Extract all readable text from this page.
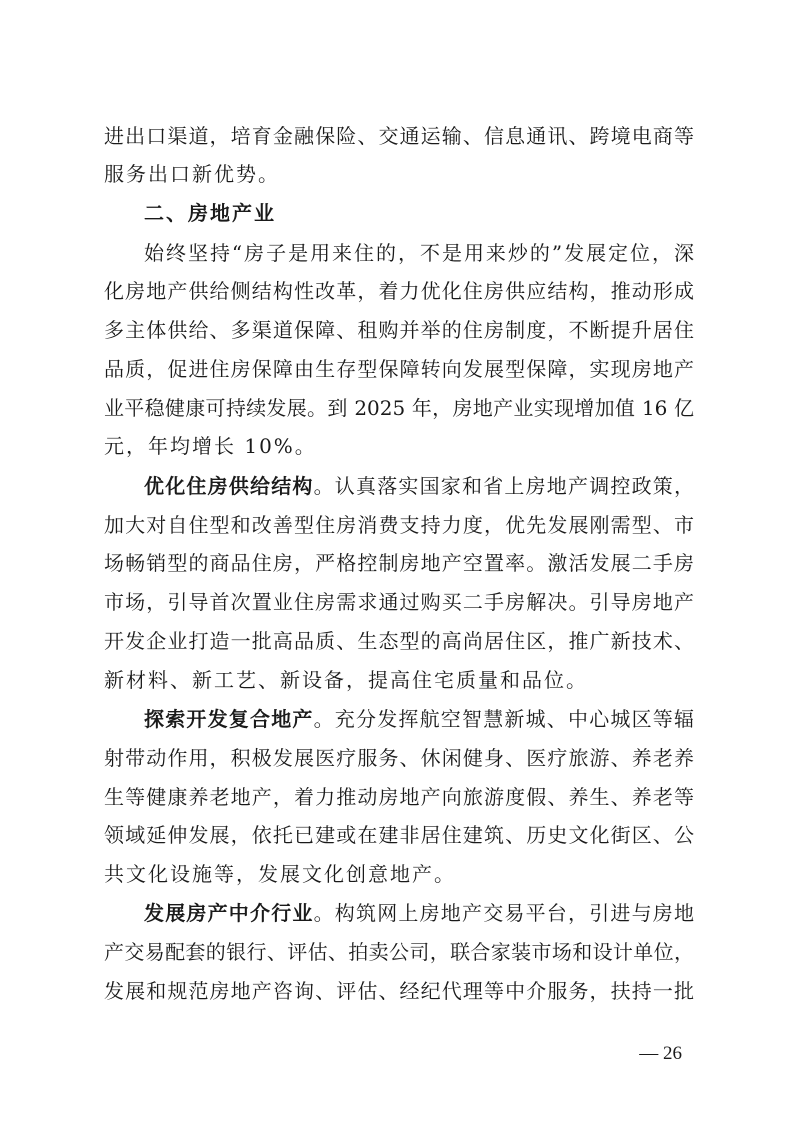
进出口渠道，培育金融保险、交通运输、信息通讯、跨境电商等
服务出口新优势。
二、房地产业
始终坚持“房子是用来住的，不是用来炒的”发展定位，深
化房地产供给侧结构性改革，着力优化住房供应结构，推动形成
多主体供给、多渠道保障、租购并举的住房制度，不断提升居住
品质，促进住房保障由生存型保障转向发展型保障，实现房地产
业平稳健康可持续发展。到 2025 年，房地产业实现增加值 16 亿
元，年均增长 10%。
优化住房供给结构。认真落实国家和省上房地产调控政策，
加大对自住型和改善型住房消费支持力度，优先发展刚需型、市
场畅销型的商品住房，严格控制房地产空置率。激活发展二手房
市场，引导首次置业住房需求通过购买二手房解决。引导房地产
开发企业打造一批高品质、生态型的高尚居住区，推广新技术、
新材料、新工艺、新设备，提高住宅质量和品位。
探索开发复合地产。充分发挥航空智慧新城、中心城区等辐
射带动作用，积极发展医疗服务、休闲健身、医疗旅游、养老养
生等健康养老地产，着力推动房地产向旅游度假、养生、养老等
领域延伸发展，依托已建或在建非居住建筑、历史文化街区、公
共文化设施等，发展文化创意地产。
发展房产中介行业。构筑网上房地产交易平台，引进与房地
产交易配套的银行、评估、拍卖公司，联合家装市场和设计单位，
发展和规范房地产咨询、评估、经纪代理等中介服务，扶持一批
— 26
